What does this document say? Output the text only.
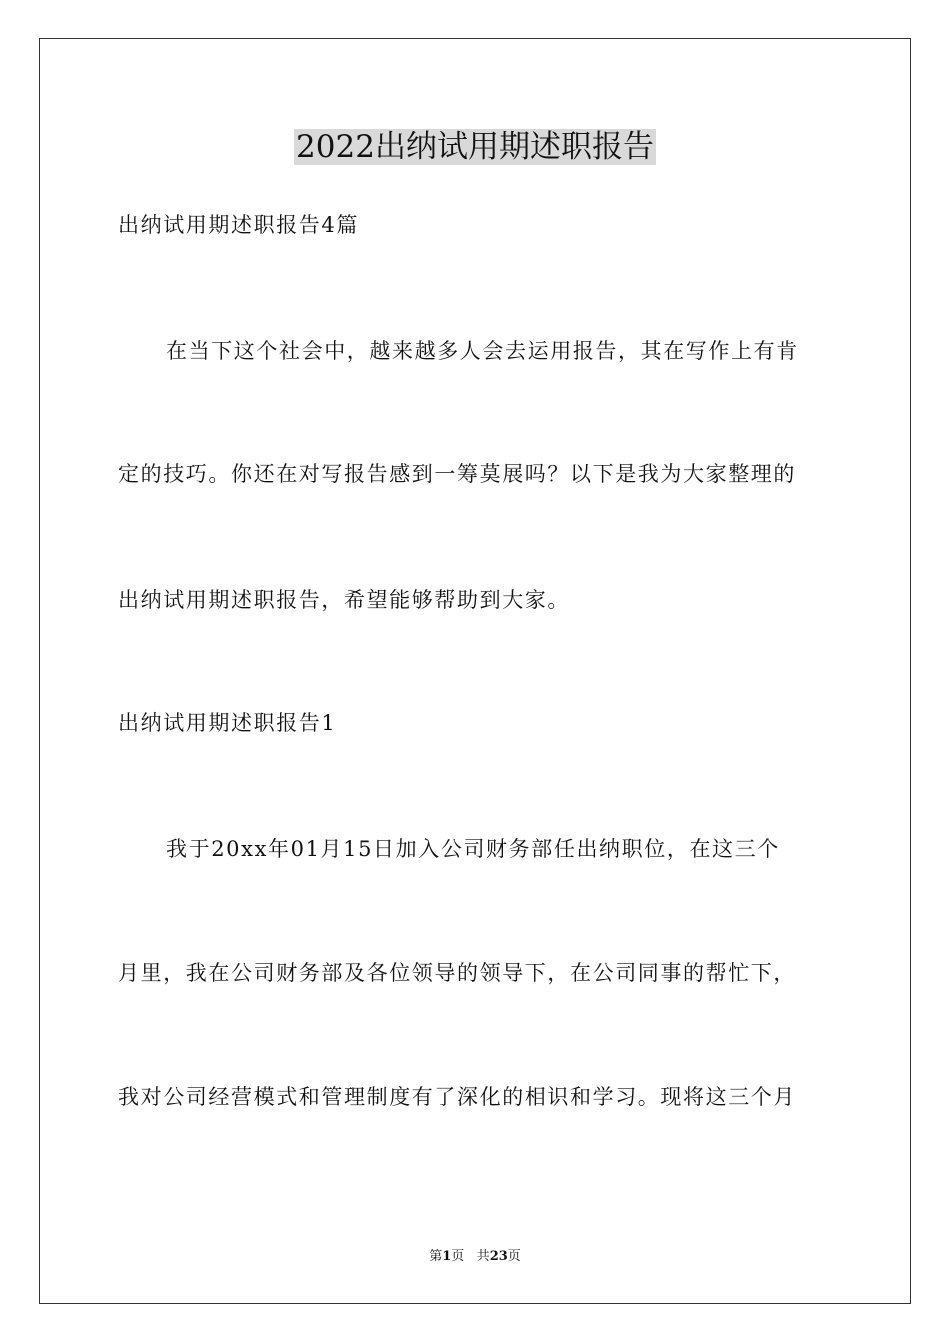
2022出纳试用期述职报告
出纳试用期述职报告4篇
在当下这个社会中，越来越多人会去运用报告，其在写作上有肯
定的技巧。你还在对写报告感到一筹莫展吗？以下是我为大家整理的
出纳试用期述职报告，希望能够帮助到大家。
出纳试用期述职报告1
我于20xx年01月15日加入公司财务部任出纳职位，在这三个
月里，我在公司财务部及各位领导的领导下，在公司同事的帮忙下，
我对公司经营模式和管理制度有了深化的相识和学习。现将这三个月
第1页 共23页
